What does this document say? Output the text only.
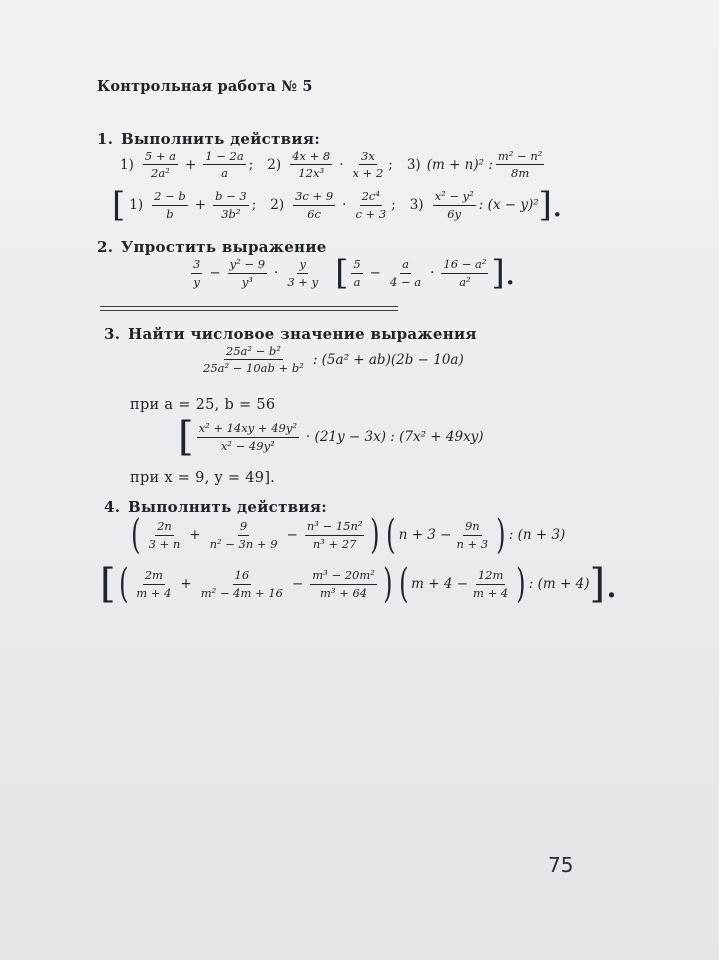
Контрольная работа № 5
1. Выполнить действия:
$1) \frac{5 + a}{\text{2a²}} + \frac{1 - 2a}{a}$ ; $2) \frac{4x + 8}{\text{12x³}} \cdot \frac{3x}{x + 2}$ ; 3) (m + n)² : $\frac{\text{m² − n²}}{8m}$
[ $1) \frac{2 - b}{b} + \frac{b - 3}{\text{3b²}}$ ; $2) \frac{3c + 9}{6c} \cdot \frac{\text{2c⁴}}{c + 3}$ ; $3) \frac{\text{x² − y²}}{6y}$ : (x − y)² ].
2. Упростить выражение
$\frac{3}{y} - \frac{\text{y² − 9}}{\text{y³}} \cdot \frac{y}{3 + y}$ [ $\frac{5}{a} - \frac{a}{4 - a} \cdot \frac{\text{16 − a²}}{\text{a²}}$ ].
3. Найти числовое значение выражения
$\frac{\text{25a² − b²}}{\text{25a² − 10ab + b²}}$ : (5a² + ab)(2b − 10a)
при a = 25, b = 56
[ $\frac{\text{x² + 14xy + 49y²}}{\text{x² − 49y²}} \cdot (21y - 3x)$ : (7x² + 49xy)
при x = 9, y = 49].
4. Выполнить действия:
( $\frac{2n}{3 + n} + \frac{9}{\text{n² − 3n + 9}} - \frac{\text{n³ − 15n²}}{\text{n³ + 27}}$ ) ( $n + 3 - \frac{9n}{n + 3}$ ) : (n + 3)
[ ( $\frac{2m}{m + 4} + \frac{16}{\text{m² − 4m + 16}} - \frac{\text{m³ − 20m²}}{\text{m³ + 64}}$ ) ( $m + 4 - \frac{12m}{m + 4}$ ) : (m + 4) ].
75
